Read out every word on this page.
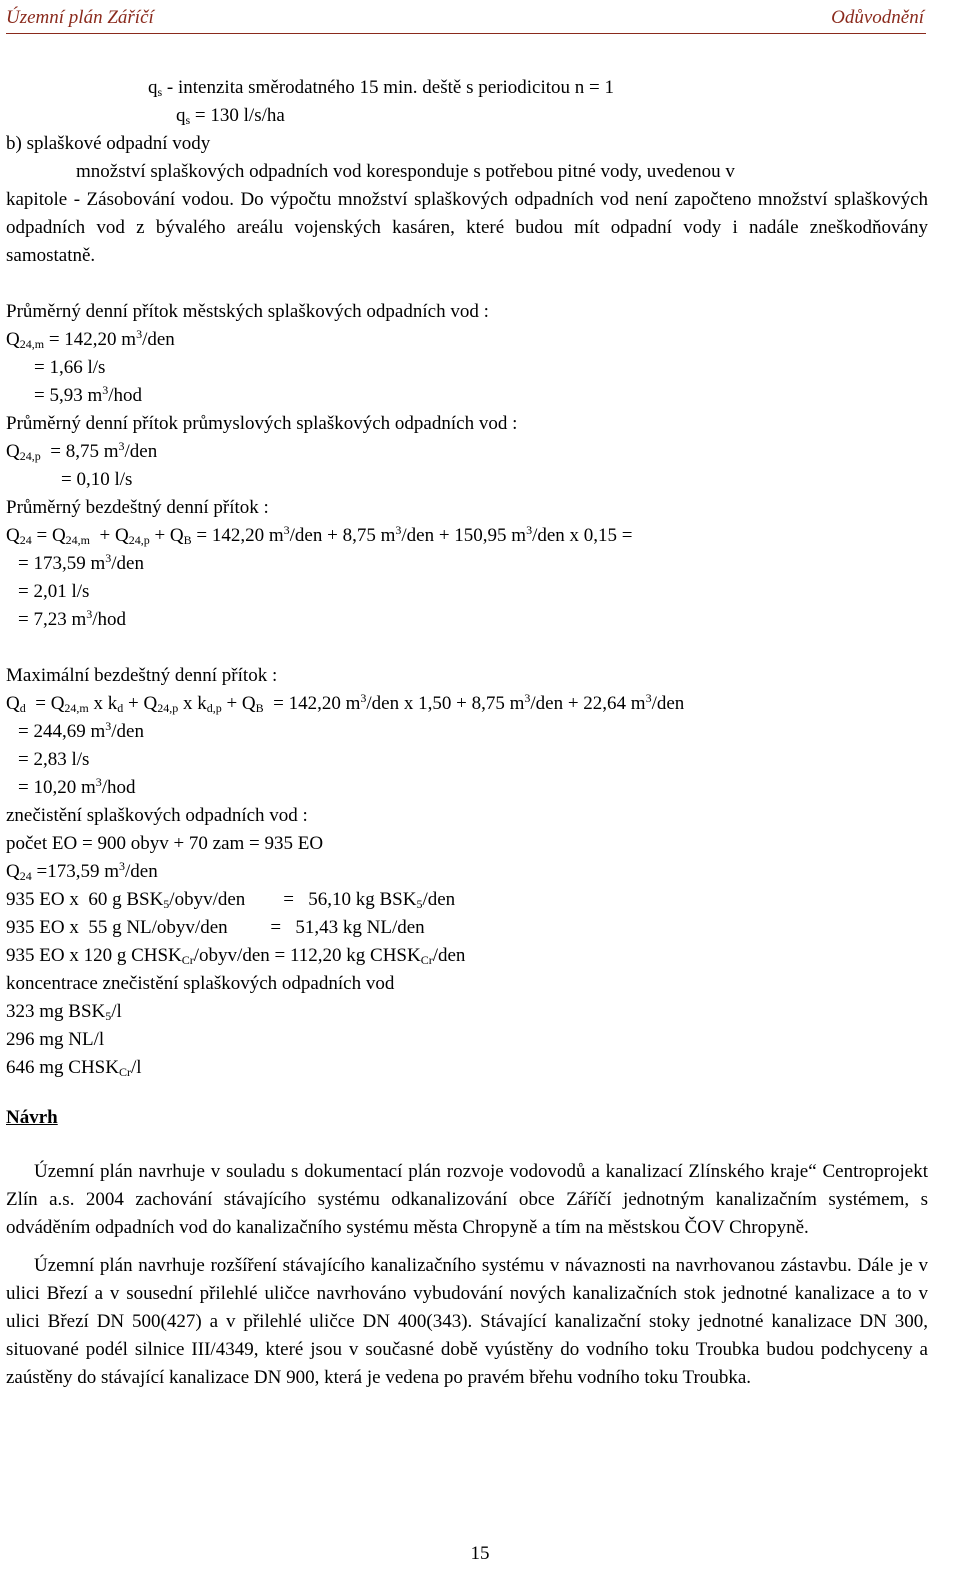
Územní plán Záříčí	Odůvodnění
$q_s$ - intenzita směrodatného 15 min. deště s periodicitou n = 1
$q_s = 130$ l/s/ha
b) splaškové odpadní vody
množství splaškových odpadních vod koresponduje s potřebou pitné vody, uvedenou v
kapitole - Zásobování vodou. Do výpočtu množství splaškových odpadních vod není započteno množství splaškových odpadních vod z bývalého areálu vojenských kasáren, které budou mít odpadní vody i nadále zneškodňovány samostatně.
Průměrný denní přítok městských splaškových odpadních vod :
$Q_{24,m} = 142,20$ $m^3$/den
= 1,66 l/s
= 5,93 $m^3$/hod
Průměrný denní přítok průmyslových splaškových odpadních vod :
$Q_{24,p} = 8,75$ $m^3$/den
= 0,10 l/s
Průměrný bezdeštný denní přítok :
$Q_{24} = Q_{24,m} + Q_{24,p} + Q_B = 142,20$ $m^3$/den + 8,75 $m^3$/den + 150,95 $m^3$/den x 0,15 =
= 173,59 $m^3$/den
= 2,01 l/s
= 7,23 $m^3$/hod
Maximální bezdeštný denní přítok :
$Q_d = Q_{24,m}$ x $k_d + Q_{24,p}$ x $k_{d,p} + Q_B = 142,20$ $m^3$/den x 1,50 + 8,75 $m^3$/den + 22,64 $m^3$/den
= 244,69 $m^3$/den
= 2,83 l/s
= 10,20 $m^3$/hod
znečistění splaškových odpadních vod :
počet EO = 900 obyv + 70 zam = 935 EO
$Q_{24} =173,59$ $m^3$/den
935 EO x  60 g $BSK_5/obyv$/den        =   56,10 kg $BSK_5$/den
935 EO x  55 g NL/obyv/den         =   51,43 kg NL/den
935 EO x 120 g $CHSK_{Cr}/obyv$/den = 112,20 kg $CHSK_{Cr}$/den
koncentrace znečistění splaškových odpadních vod
323 mg $BSK_5/l$
296 mg NL/l
646 mg $CHSK_{Cr}/l$
Návrh
Územní plán navrhuje v souladu s dokumentací plán rozvoje vodovodů a kanalizací Zlínského kraje“ Centroprojekt Zlín a.s. 2004 zachování stávajícího systému odkanalizování obce Záříčí jednotným kanalizačním systémem, s odváděním odpadních vod do kanalizačního systému města Chropyně a tím na městskou ČOV Chropyně.
Územní plán navrhuje rozšíření stávajícího kanalizačního systému v návaznosti na navrhovanou zástavbu. Dále je v ulici Březí a v sousední přilehlé uličce navrhováno vybudování nových kanalizačních stok jednotné kanalizace a to v ulici Březí DN 500(427) a v přilehlé uličce DN 400(343). Stávající kanalizační stoky jednotné kanalizace DN 300, situované podél silnice III/4349, které jsou v současné době vyústěny do vodního toku Troubka budou podchyceny a zaústěny do stávající kanalizace DN 900, která je vedena po pravém břehu vodního toku Troubka.
15
